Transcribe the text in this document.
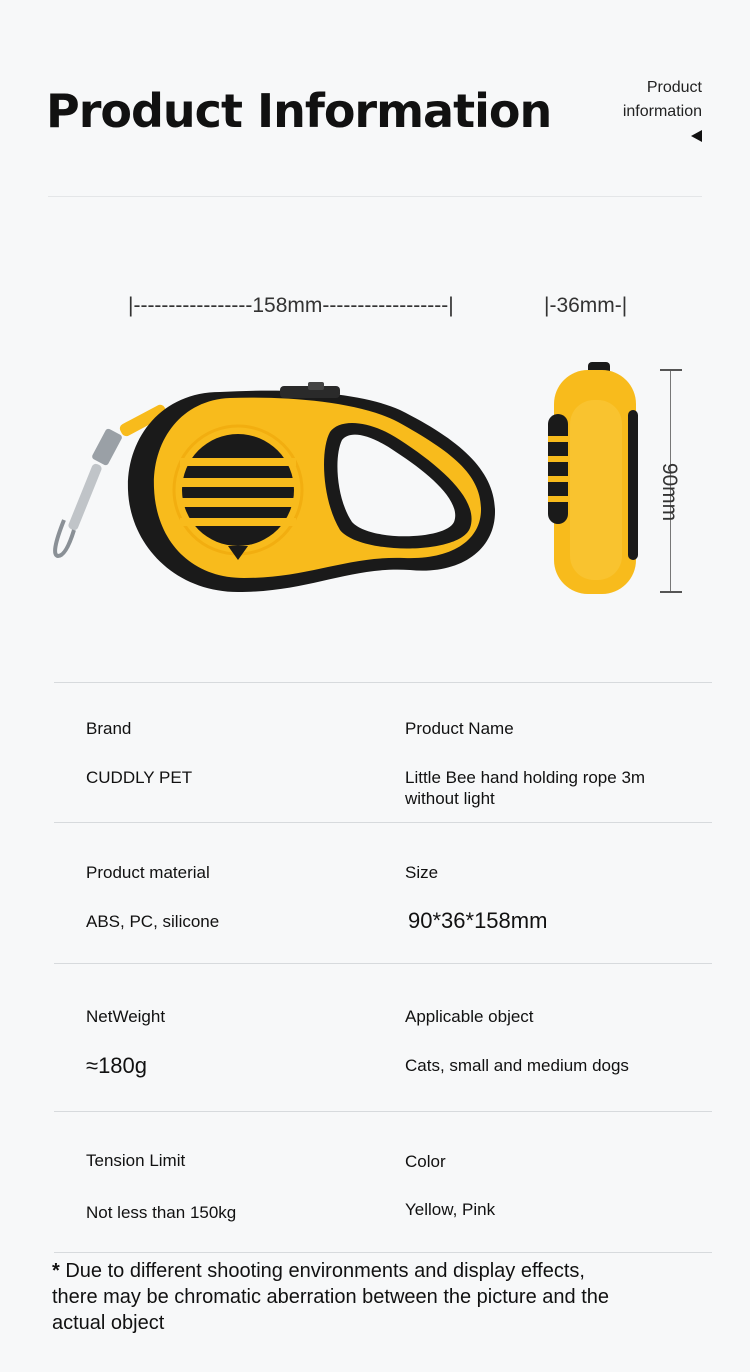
Product Information	Product
information
|-----------------158mm------------------|	|-36mm-|
90mm
Brand
CUDDLY PET
Product Name
Little Bee hand holding rope 3m without light
Product material
ABS, PC, silicone
Size
90*36*158mm
NetWeight
≈180g
Applicable object
Cats, small and medium dogs
Tension Limit
Not less than 150kg
Color
Yellow, Pink
* Due to different shooting environments and display effects, there may be chromatic aberration between the picture and the actual object
